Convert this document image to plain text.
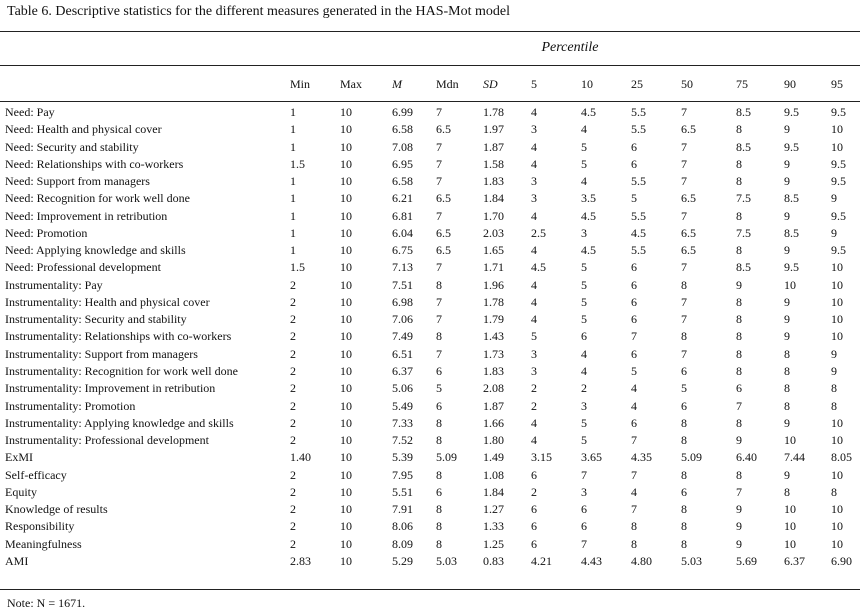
Table 6. Descriptive statistics for the different measures generated in the HAS-Mot model
Percentile
	Min	Max	M	Mdn	SD	5	10	25	50	75	90	95

Need: Pay	1	10	6.99	7	1.78	4	4.5	5.5	7	8.5	9.5	9.5
Need: Health and physical cover	1	10	6.58	6.5	1.97	3	4	5.5	6.5	8	9	10
Need: Security and stability	1	10	7.08	7	1.87	4	5	6	7	8.5	9.5	10
Need: Relationships with co-workers	1.5	10	6.95	7	1.58	4	5	6	7	8	9	9.5
Need: Support from managers	1	10	6.58	7	1.83	3	4	5.5	7	8	9	9.5
Need: Recognition for work well done	1	10	6.21	6.5	1.84	3	3.5	5	6.5	7.5	8.5	9
Need: Improvement in retribution	1	10	6.81	7	1.70	4	4.5	5.5	7	8	9	9.5
Need: Promotion	1	10	6.04	6.5	2.03	2.5	3	4.5	6.5	7.5	8.5	9
Need: Applying knowledge and skills	1	10	6.75	6.5	1.65	4	4.5	5.5	6.5	8	9	9.5
Need: Professional development	1.5	10	7.13	7	1.71	4.5	5	6	7	8.5	9.5	10
Instrumentality: Pay	2	10	7.51	8	1.96	4	5	6	8	9	10	10
Instrumentality: Health and physical cover	2	10	6.98	7	1.78	4	5	6	7	8	9	10
Instrumentality: Security and stability	2	10	7.06	7	1.79	4	5	6	7	8	9	10
Instrumentality: Relationships with co-workers	2	10	7.49	8	1.43	5	6	7	8	8	9	10
Instrumentality: Support from managers	2	10	6.51	7	1.73	3	4	6	7	8	8	9
Instrumentality: Recognition for work well done	2	10	6.37	6	1.83	3	4	5	6	8	8	9
Instrumentality: Improvement in retribution	2	10	5.06	5	2.08	2	2	4	5	6	8	8
Instrumentality: Promotion	2	10	5.49	6	1.87	2	3	4	6	7	8	8
Instrumentality: Applying knowledge and skills	2	10	7.33	8	1.66	4	5	6	8	8	9	10
Instrumentality: Professional development	2	10	7.52	8	1.80	4	5	7	8	9	10	10
ExMI	1.40	10	5.39	5.09	1.49	3.15	3.65	4.35	5.09	6.40	7.44	8.05
Self-efficacy	2	10	7.95	8	1.08	6	7	7	8	8	9	10
Equity	2	10	5.51	6	1.84	2	3	4	6	7	8	8
Knowledge of results	2	10	7.91	8	1.27	6	6	7	8	9	10	10
Responsibility	2	10	8.06	8	1.33	6	6	8	8	9	10	10
Meaningfulness	2	10	8.09	8	1.25	6	7	8	8	9	10	10
AMI	2.83	10	5.29	5.03	0.83	4.21	4.43	4.80	5.03	5.69	6.37	6.90
Note: N = 1671.
